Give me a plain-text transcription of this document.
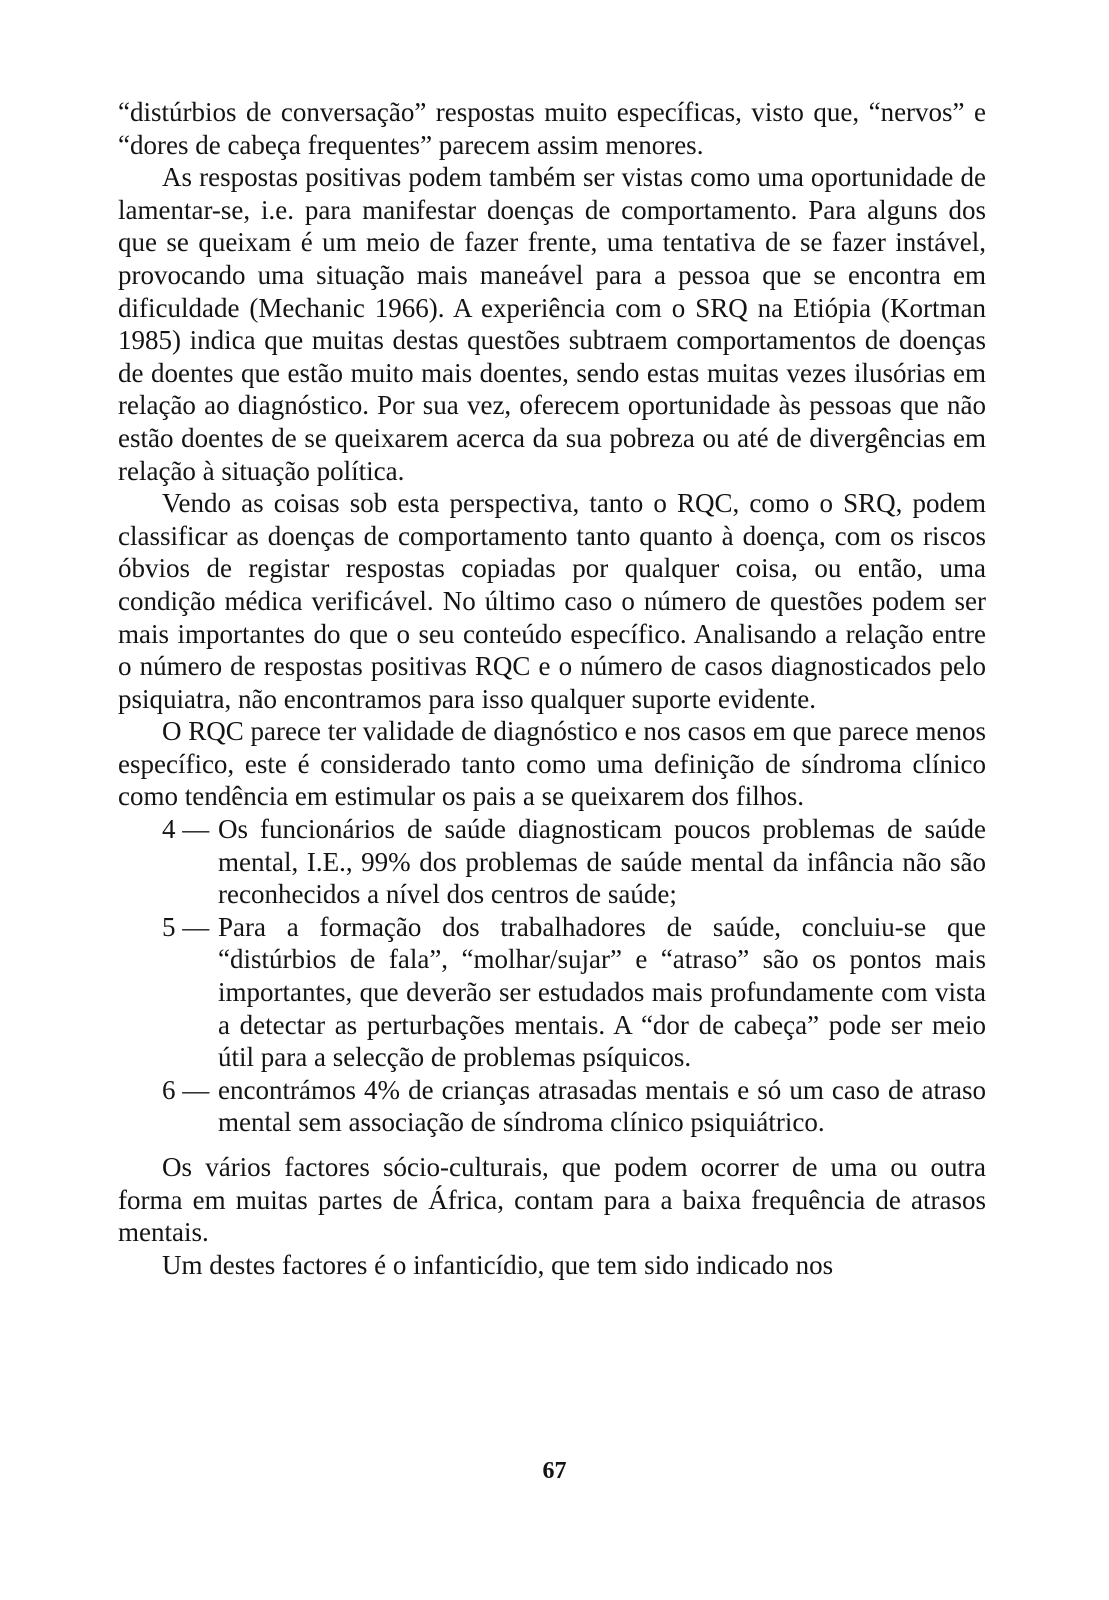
“distúrbios de conversação” respostas muito específicas, visto que, “nervos” e “dores de cabeça frequentes” parecem assim menores.

As respostas positivas podem também ser vistas como uma oportunidade de lamentar-se, i.e. para manifestar doenças de comportamento. Para alguns dos que se queixam é um meio de fazer frente, uma tentativa de se fazer instável, provocando uma situação mais maneável para a pessoa que se encontra em dificuldade (Mechanic 1966). A experiência com o SRQ na Etiópia (Kortman 1985) indica que muitas destas questões subtraem comportamentos de doenças de doentes que estão muito mais doentes, sendo estas muitas vezes ilusórias em relação ao diagnóstico. Por sua vez, oferecem oportunidade às pessoas que não estão doentes de se queixarem acerca da sua pobreza ou até de divergências em relação à situação política.

Vendo as coisas sob esta perspectiva, tanto o RQC, como o SRQ, podem classificar as doenças de comportamento tanto quanto à doença, com os riscos óbvios de registar respostas copiadas por qualquer coisa, ou então, uma condição médica verificável. No último caso o número de questões podem ser mais importantes do que o seu conteúdo específico. Analisando a relação entre o número de respostas positivas RQC e o número de casos diagnosticados pelo psiquiatra, não encontramos para isso qualquer suporte evidente.

O RQC parece ter validade de diagnóstico e nos casos em que parece menos específico, este é considerado tanto como uma definição de síndroma clínico como tendência em estimular os pais a se queixarem dos filhos.

4 — Os funcionários de saúde diagnosticam poucos problemas de saúde mental, I.E., 99% dos problemas de saúde mental da infância não são reconhecidos a nível dos centros de saúde;
5 — Para a formação dos trabalhadores de saúde, concluiu-se que “distúrbios de fala”, “molhar/sujar” e “atraso” são os pontos mais importantes, que deverão ser estudados mais profundamente com vista a detectar as perturbações mentais. A “dor de cabeça” pode ser meio útil para a selecção de problemas psíquicos.
6 — encontrámos 4% de crianças atrasadas mentais e só um caso de atraso mental sem associação de síndroma clínico psiquiátrico.

Os vários factores sócio-culturais, que podem ocorrer de uma ou outra forma em muitas partes de África, contam para a baixa frequência de atrasos mentais.

Um destes factores é o infanticídio, que tem sido indicado nos

67
